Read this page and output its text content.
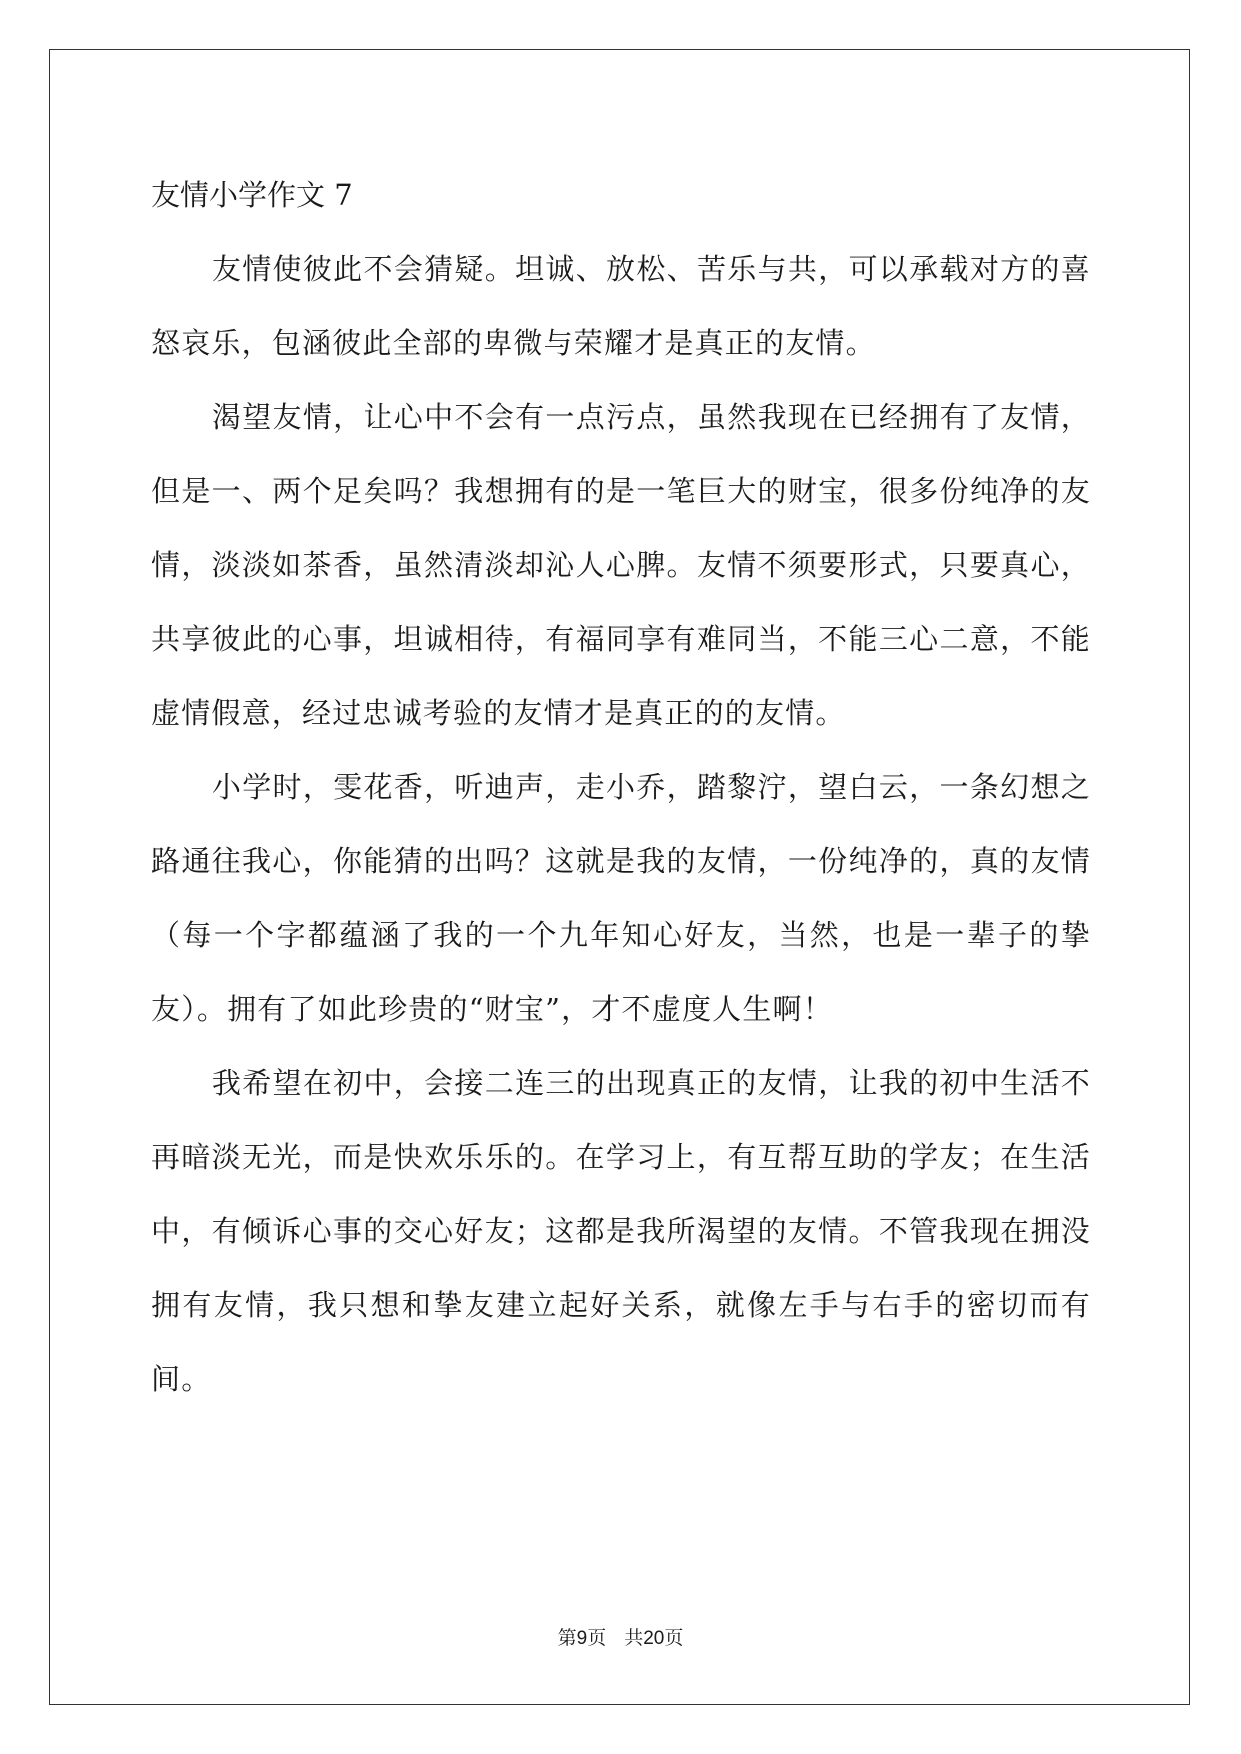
友情小学作文 7

友情使彼此不会猜疑。坦诚、放松、苦乐与共，可以承载对方的喜怒哀乐，包涵彼此全部的卑微与荣耀才是真正的友情。

渴望友情，让心中不会有一点污点，虽然我现在已经拥有了友情，但是一、两个足矣吗？我想拥有的是一笔巨大的财宝，很多份纯净的友情，淡淡如茶香，虽然清淡却沁人心脾。友情不须要形式，只要真心，共享彼此的心事，坦诚相待，有福同享有难同当，不能三心二意，不能虚情假意，经过忠诚考验的友情才是真正的的友情。

小学时，雯花香，听迪声，走小乔，踏黎泞，望白云，一条幻想之路通往我心，你能猜的出吗？这就是我的友情，一份纯净的，真的友情（每一个字都蕴涵了我的一个九年知心好友，当然，也是一辈子的挚友）。拥有了如此珍贵的“财宝”，才不虚度人生啊！

我希望在初中，会接二连三的出现真正的友情，让我的初中生活不再暗淡无光，而是快欢乐乐的。在学习上，有互帮互助的学友；在生活中，有倾诉心事的交心好友；这都是我所渴望的友情。不管我现在拥没拥有友情，我只想和挚友建立起好关系，就像左手与右手的密切而有间。

第9页 共20页
